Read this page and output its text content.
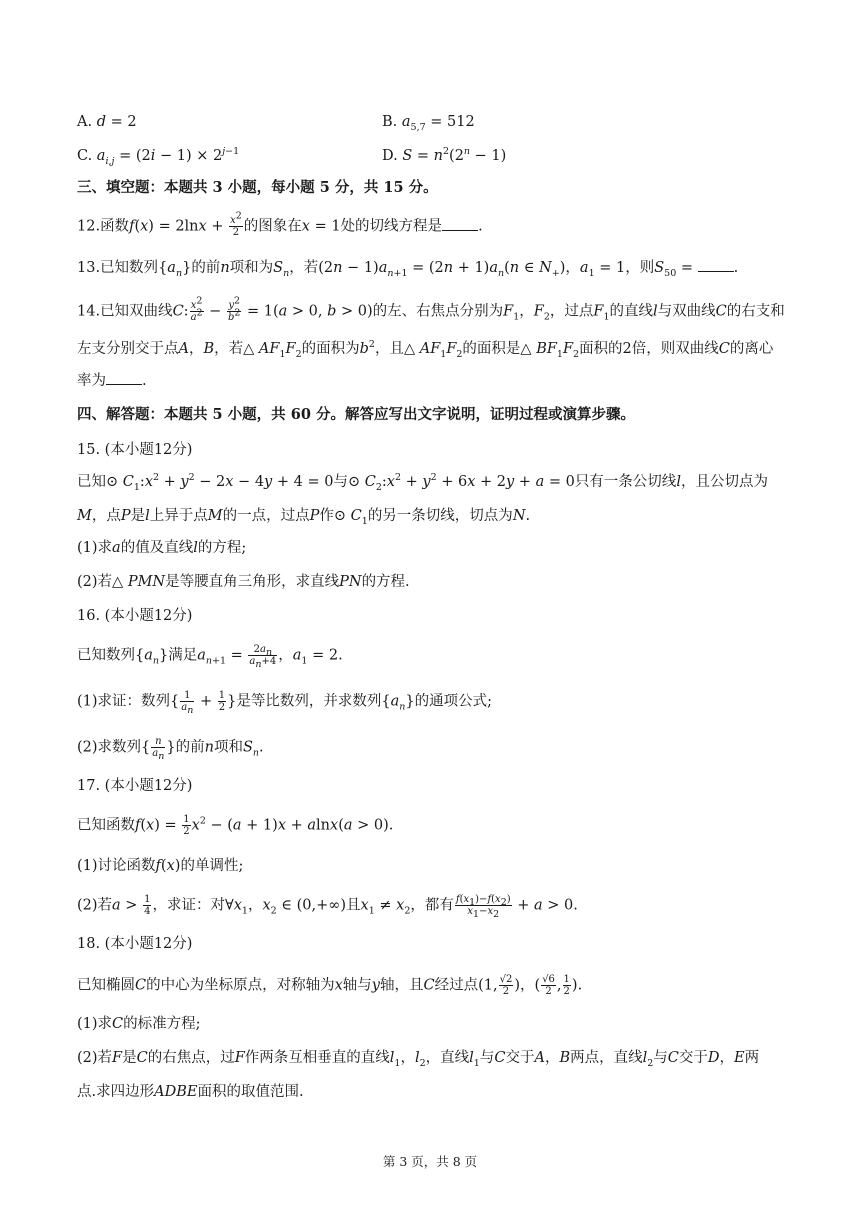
A. d = 2	B. $a_{5,7} = 512$
C. $a_{i,j} = (2i - 1) \times 2^{j-1}$	D. $S = n^2(2^n - 1)$
三、填空题：本题共 3 小题，每小题 5 分，共 15 分。
12.函数$f(x) = 2\ln x + \frac{x^2}{2}$ 的图象在x = 1处的切线方程是 .
13.已知数列$\{a_n\}$的前n项和为$S_n$，若$(2n - 1)a_{n+1} = (2n + 1)a_n(n$ ∈ $N_+$)，$a_1 = 1$，则$S_{50}$ = .
14.已知双曲线C: $\frac{x^2}{a^2} - \frac{y^2}{b^2} = 1(a > 0$, b > 0)的左、右焦点分别为$F_1$，$F_2$，过点$F_1$的直线l与双曲线C的右支和
左支分别交于点A，B，若△ $AF_1F_2$的面积为$b^2$，且△ $AF_1F_2$的面积是△ $BF_1F_2$面积的2倍，则双曲线C的离心
率为 .
四、解答题：本题共 5 小题，共 60 分。解答应写出文字说明，证明过程或演算步骤。
15. (本小题12分)
已知⊙ $C_1:x^2 + y^2 - 2x - 4y + 4 = 0$与⊙ $C_2:x^2 + y^2 + 6x + 2y + a = 0$只有一条公切线l，且公切点为
M，点P是l上异于点M的一点，过点P作⊙ $C_1$的另一条切线，切点为N.
(1)求a的值及直线l的方程;
(2)若△ PMN是等腰直角三角形，求直线PN的方程.
16. (本小题12分)
已知数列$\{a_n\}$满足$a_{n+1} = \frac{2a_n}{a_n+4}$ ，$a_1 = 2$.
(1)求证：数列{ $\frac{1}{a_n} + \frac{1}{2}$ }是等比数列，并求数列$\{a_n\}$的通项公式;
(2)求数列{ $\frac{n}{a_n}$ }的前n项和$S_n$.
17. (本小题12分)
已知函数$f(x) = \frac{1}{2} x^2 - (a + 1)x + alnx(a > 0)$.
(1)讨论函数f(x)的单调性;
(2)若$a > \frac{1}{4}$ ，求证：对$\forall x_1$，$x_2$ ∈ (0,+∞)且$x_1 \ne x_2$，都有 $\frac{f(x_1)-f(x_2)}{x_1-x_2} + a > 0$.
18. (本小题12分)
已知椭圆C的中心为坐标原点，对称轴为x轴与y轴，且C经过点(1, $\frac{√2}{2}$ )，( $\frac{√6}{2}$ , $\frac{1}{2}$ ).
(1)求C的标准方程;
(2)若F是C的右焦点，过F作两条互相垂直的直线$l_1$，$l_2$，直线$l_1$与C交于A，B两点，直线$l_2$与C交于D，E两
点.求四边形ADBE面积的取值范围.
第 3 页，共 8 页
